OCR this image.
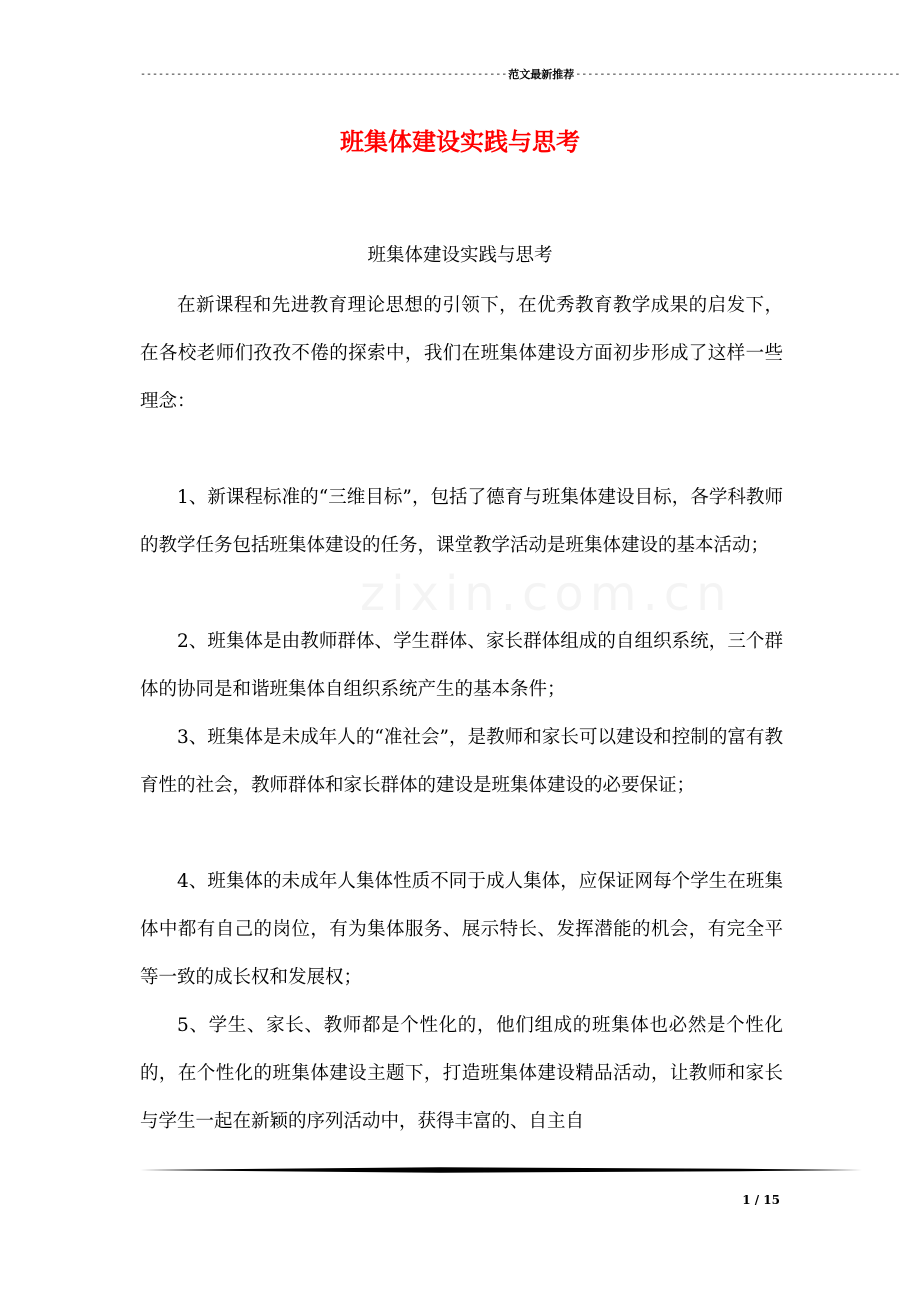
------------------------------------------------------------- 范文最新推荐 ------------------------------------------------------
班集体建设实践与思考
班集体建设实践与思考

在新课程和先进教育理论思想的引领下，在优秀教育教学成果的启发下，在各校老师们孜孜不倦的探索中，我们在班集体建设方面初步形成了这样一些理念：

1、新课程标准的“三维目标”，包括了德育与班集体建设目标，各学科教师的教学任务包括班集体建设的任务，课堂教学活动是班集体建设的基本活动；

2、班集体是由教师群体、学生群体、家长群体组成的自组织系统，三个群体的协同是和谐班集体自组织系统产生的基本条件；

3、班集体是未成年人的“准社会”，是教师和家长可以建设和控制的富有教育性的社会，教师群体和家长群体的建设是班集体建设的必要保证；

4、班集体的未成年人集体性质不同于成人集体，应保证网每个学生在班集体中都有自己的岗位，有为集体服务、展示特长、发挥潜能的机会，有完全平等一致的成长权和发展权；

5、学生、家长、教师都是个性化的，他们组成的班集体也必然是个性化的，在个性化的班集体建设主题下，打造班集体建设精品活动，让教师和家长与学生一起在新颖的序列活动中，获得丰富的、自主自

1 / 15
